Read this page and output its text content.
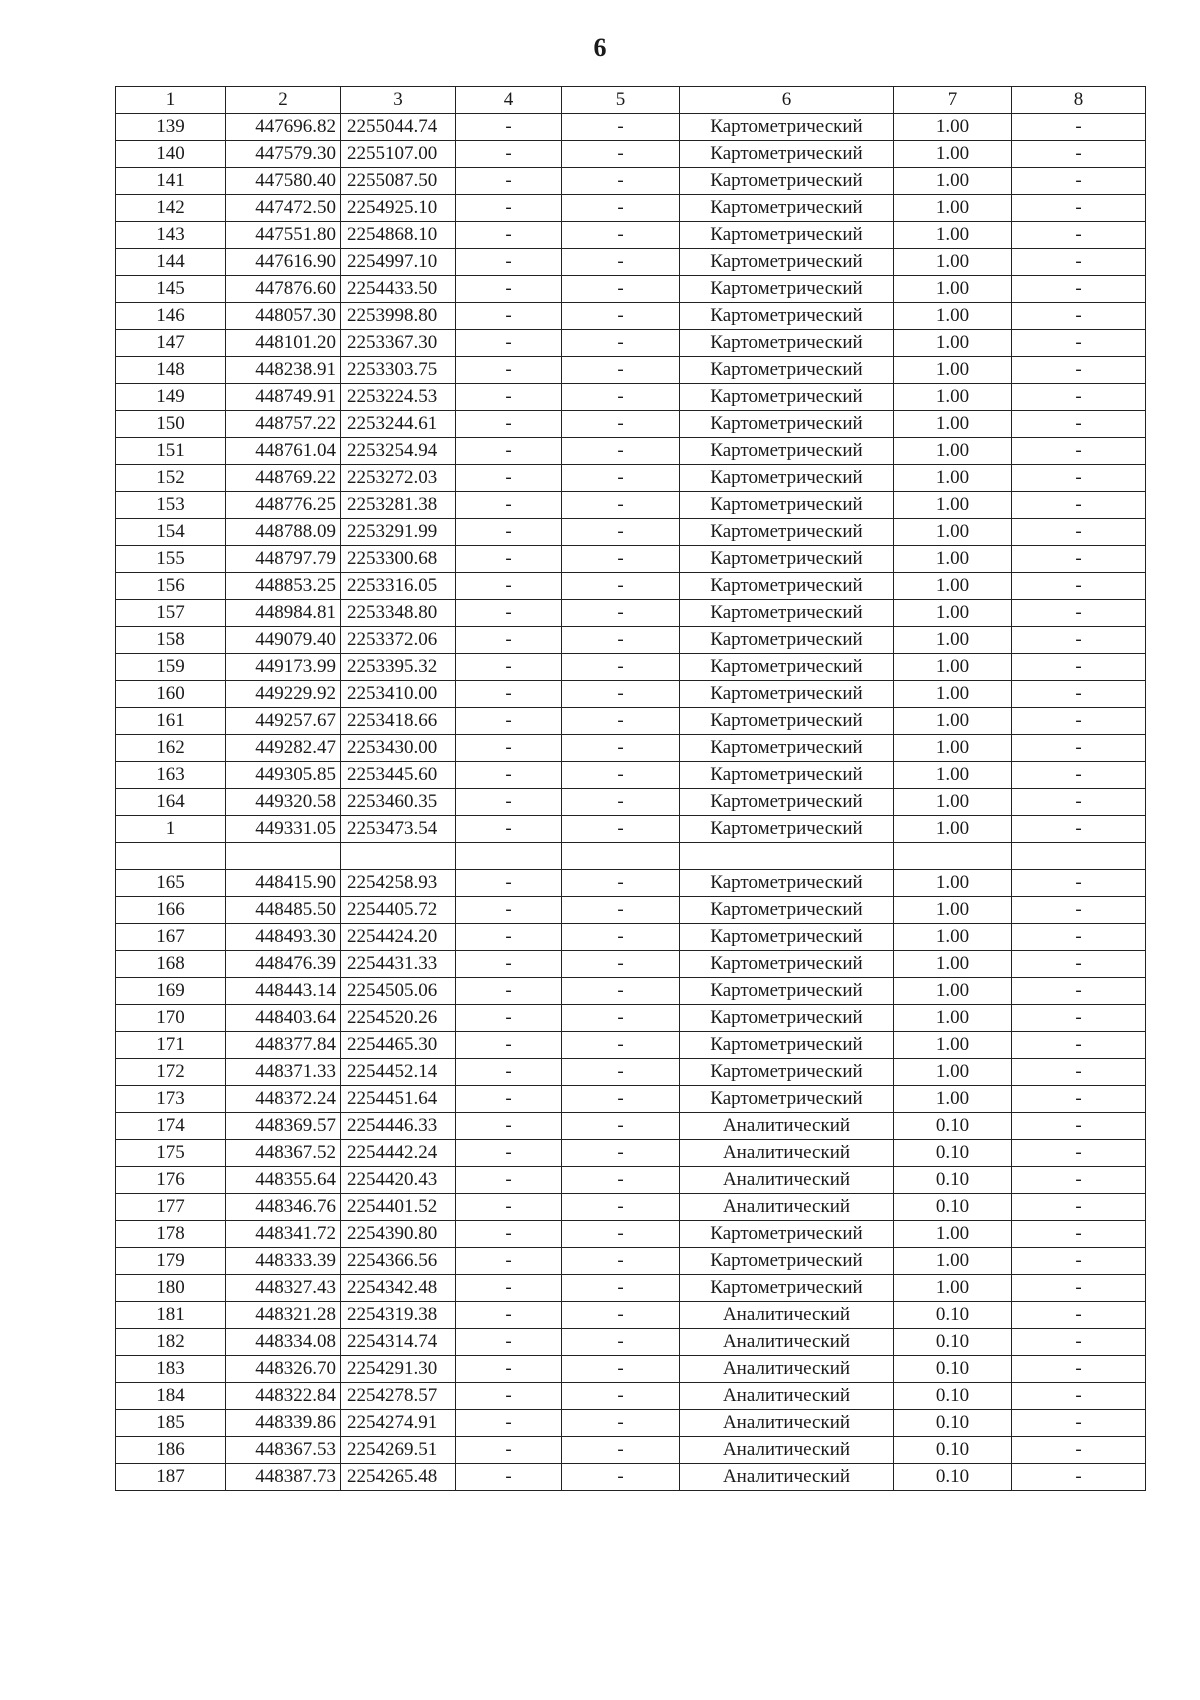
6
1	2	3	4	5	6	7	8
139	447696.82	2255044.74	-	-	Картометрический	1.00	-
140	447579.30	2255107.00	-	-	Картометрический	1.00	-
141	447580.40	2255087.50	-	-	Картометрический	1.00	-
142	447472.50	2254925.10	-	-	Картометрический	1.00	-
143	447551.80	2254868.10	-	-	Картометрический	1.00	-
144	447616.90	2254997.10	-	-	Картометрический	1.00	-
145	447876.60	2254433.50	-	-	Картометрический	1.00	-
146	448057.30	2253998.80	-	-	Картометрический	1.00	-
147	448101.20	2253367.30	-	-	Картометрический	1.00	-
148	448238.91	2253303.75	-	-	Картометрический	1.00	-
149	448749.91	2253224.53	-	-	Картометрический	1.00	-
150	448757.22	2253244.61	-	-	Картометрический	1.00	-
151	448761.04	2253254.94	-	-	Картометрический	1.00	-
152	448769.22	2253272.03	-	-	Картометрический	1.00	-
153	448776.25	2253281.38	-	-	Картометрический	1.00	-
154	448788.09	2253291.99	-	-	Картометрический	1.00	-
155	448797.79	2253300.68	-	-	Картометрический	1.00	-
156	448853.25	2253316.05	-	-	Картометрический	1.00	-
157	448984.81	2253348.80	-	-	Картометрический	1.00	-
158	449079.40	2253372.06	-	-	Картометрический	1.00	-
159	449173.99	2253395.32	-	-	Картометрический	1.00	-
160	449229.92	2253410.00	-	-	Картометрический	1.00	-
161	449257.67	2253418.66	-	-	Картометрический	1.00	-
162	449282.47	2253430.00	-	-	Картометрический	1.00	-
163	449305.85	2253445.60	-	-	Картометрический	1.00	-
164	449320.58	2253460.35	-	-	Картометрический	1.00	-
1	449331.05	2253473.54	-	-	Картометрический	1.00	-

165	448415.90	2254258.93	-	-	Картометрический	1.00	-
166	448485.50	2254405.72	-	-	Картометрический	1.00	-
167	448493.30	2254424.20	-	-	Картометрический	1.00	-
168	448476.39	2254431.33	-	-	Картометрический	1.00	-
169	448443.14	2254505.06	-	-	Картометрический	1.00	-
170	448403.64	2254520.26	-	-	Картометрический	1.00	-
171	448377.84	2254465.30	-	-	Картометрический	1.00	-
172	448371.33	2254452.14	-	-	Картометрический	1.00	-
173	448372.24	2254451.64	-	-	Картометрический	1.00	-
174	448369.57	2254446.33	-	-	Аналитический	0.10	-
175	448367.52	2254442.24	-	-	Аналитический	0.10	-
176	448355.64	2254420.43	-	-	Аналитический	0.10	-
177	448346.76	2254401.52	-	-	Аналитический	0.10	-
178	448341.72	2254390.80	-	-	Картометрический	1.00	-
179	448333.39	2254366.56	-	-	Картометрический	1.00	-
180	448327.43	2254342.48	-	-	Картометрический	1.00	-
181	448321.28	2254319.38	-	-	Аналитический	0.10	-
182	448334.08	2254314.74	-	-	Аналитический	0.10	-
183	448326.70	2254291.30	-	-	Аналитический	0.10	-
184	448322.84	2254278.57	-	-	Аналитический	0.10	-
185	448339.86	2254274.91	-	-	Аналитический	0.10	-
186	448367.53	2254269.51	-	-	Аналитический	0.10	-
187	448387.73	2254265.48	-	-	Аналитический	0.10	-
